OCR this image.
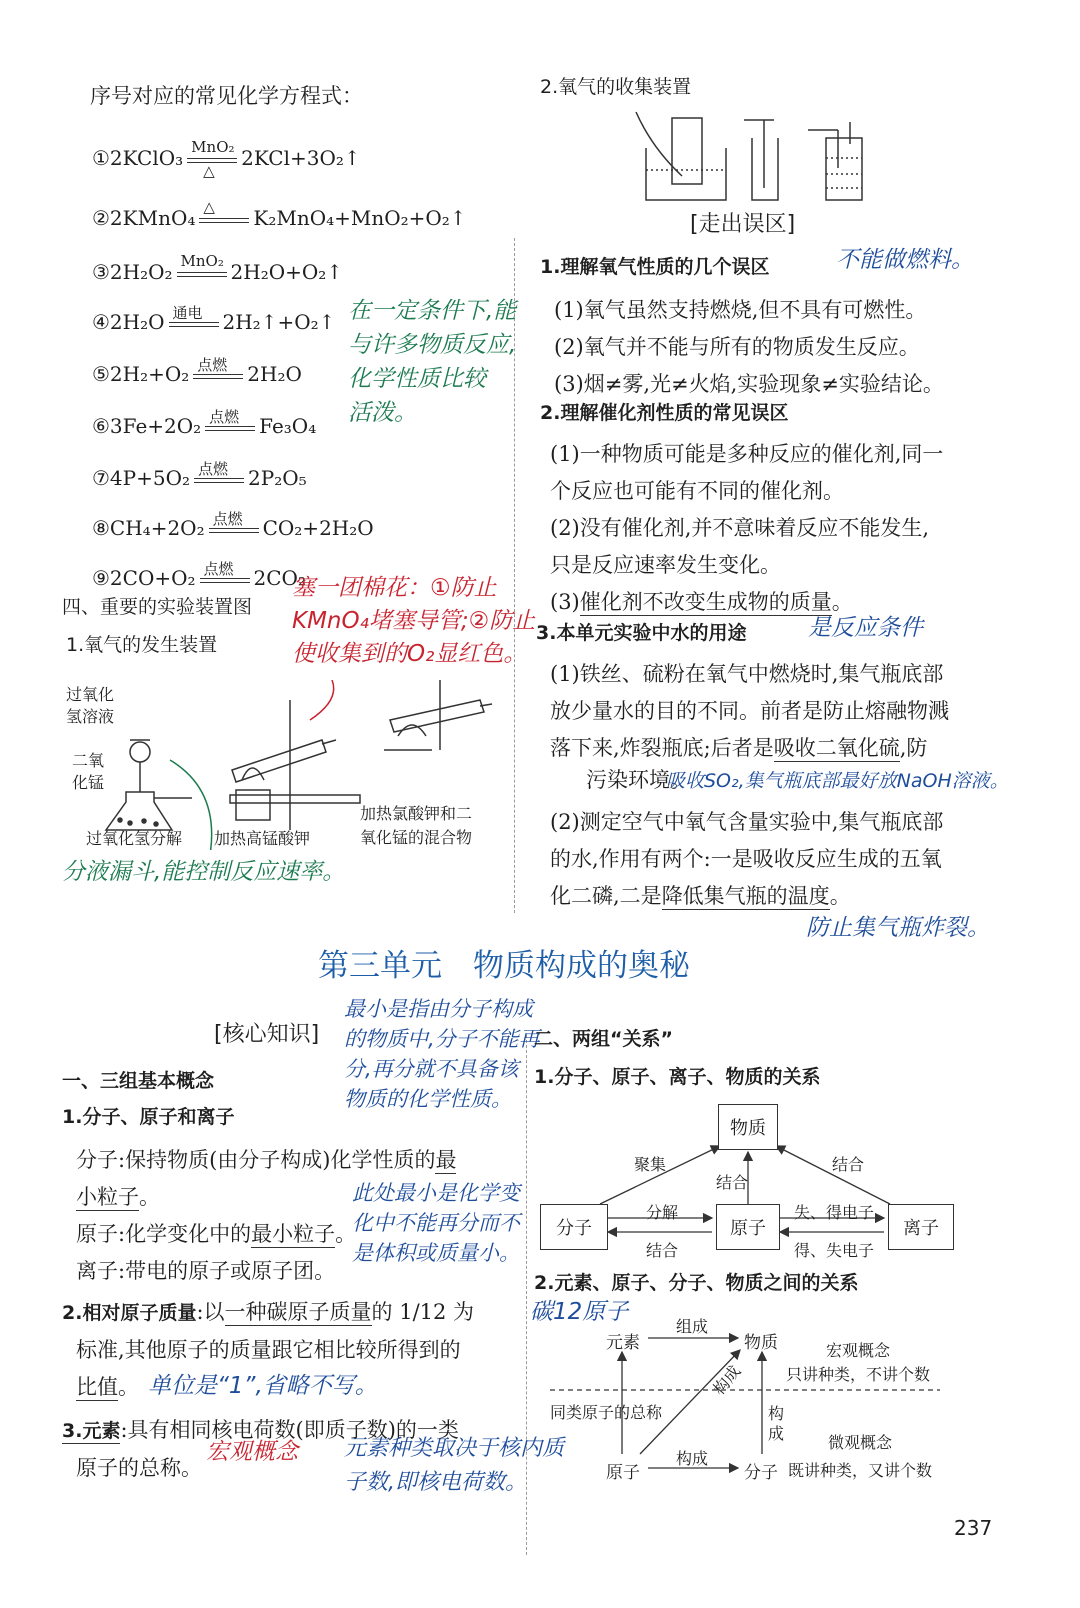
序号对应的常见化学方程式：
①2KClO₃ MnO₂
△
2KCl+3O₂↑
②2KMnO₄ △ K₂MnO₄+MnO₂+O₂↑
③2H₂O₂ MnO₂ 2H₂O+O₂↑
④2H₂O 通电 2H₂↑+O₂↑
⑤2H₂+O₂ 点燃 2H₂O
⑥3Fe+2O₂ 点燃 Fe₃O₄
⑦4P+5O₂ 点燃 2P₂O₅
⑧CH₄+2O₂ 点燃 CO₂+2H₂O
⑨2CO+O₂ 点燃 2CO₂
在一定条件下,能
与许多物质反应,
化学性质比较
活泼。
四、重要的实验装置图
1.氧气的发生装置
塞一团棉花：①防止
KMnO₄堵塞导管;②防止
使收集到的O₂显红色。
过氧化
氢溶液
二氧
化锰
过氧化氢分解 加热高锰酸钾
加热氯酸钾和二
氧化锰的混合物
分液漏斗,能控制反应速率。
2.氧气的收集装置
[走出误区]
1.理解氧气性质的几个误区	不能做燃料。
(1)氧气虽然支持燃烧,但不具有可燃性。
(2)氧气并不能与所有的物质发生反应。
(3)烟≠雾,光≠火焰,实验现象≠实验结论。
2.理解催化剂性质的常见误区
(1)一种物质可能是多种反应的催化剂,同一
个反应也可能有不同的催化剂。
(2)没有催化剂,并不意味着反应不能发生,
只是反应速率发生变化。
(3)催化剂不改变生成物的质量。
3.本单元实验中水的用途	是反应条件
(1)铁丝、硫粉在氧气中燃烧时,集气瓶底部
放少量水的目的不同。前者是防止熔融物溅
落下来,炸裂瓶底;后者是吸收二氧化硫,防
污染环境。
吸收SO₂,集气瓶底部最好放NaOH溶液。
(2)测定空气中氧气含量实验中,集气瓶底部
的水,作用有两个:一是吸收反应生成的五氧
化二磷,二是降低集气瓶的温度。
防止集气瓶炸裂。
第三单元　物质构成的奥秘
[核心知识]
最小是指由分子构成
的物质中,分子不能再
分,再分就不具备该
物质的化学性质。
一、三组基本概念
1.分子、原子和离子
分子:保持物质(由分子构成)化学性质的最
小粒子。
原子:化学变化中的最小粒子。
离子:带电的原子或原子团。
此处最小是化学变
化中不能再分而不
是体积或质量小。
2.相对原子质量:以一种碳原子质量的 1/12 为
标准,其他原子的质量跟它相比较所得到的
比值。
碳12原子
单位是“1”,省略不写。
3.元素:具有相同核电荷数(即质子数)的一类
原子的总称。
宏观概念 元素种类取决于核内质
子数,即核电荷数。
二、两组“关系”
1.分子、原子、离子、物质的关系
物质
分子	原子	离子
聚集
结合
结合
分解
结合
失、得电子
得、失电子
2.元素、原子、分子、物质之间的关系
元素
组成
物质	宏观概念
只讲种类，不讲个数
构成
同类原子的总称	构成	微观概念
原子
构成
分子 既讲种类，又讲个数
237
